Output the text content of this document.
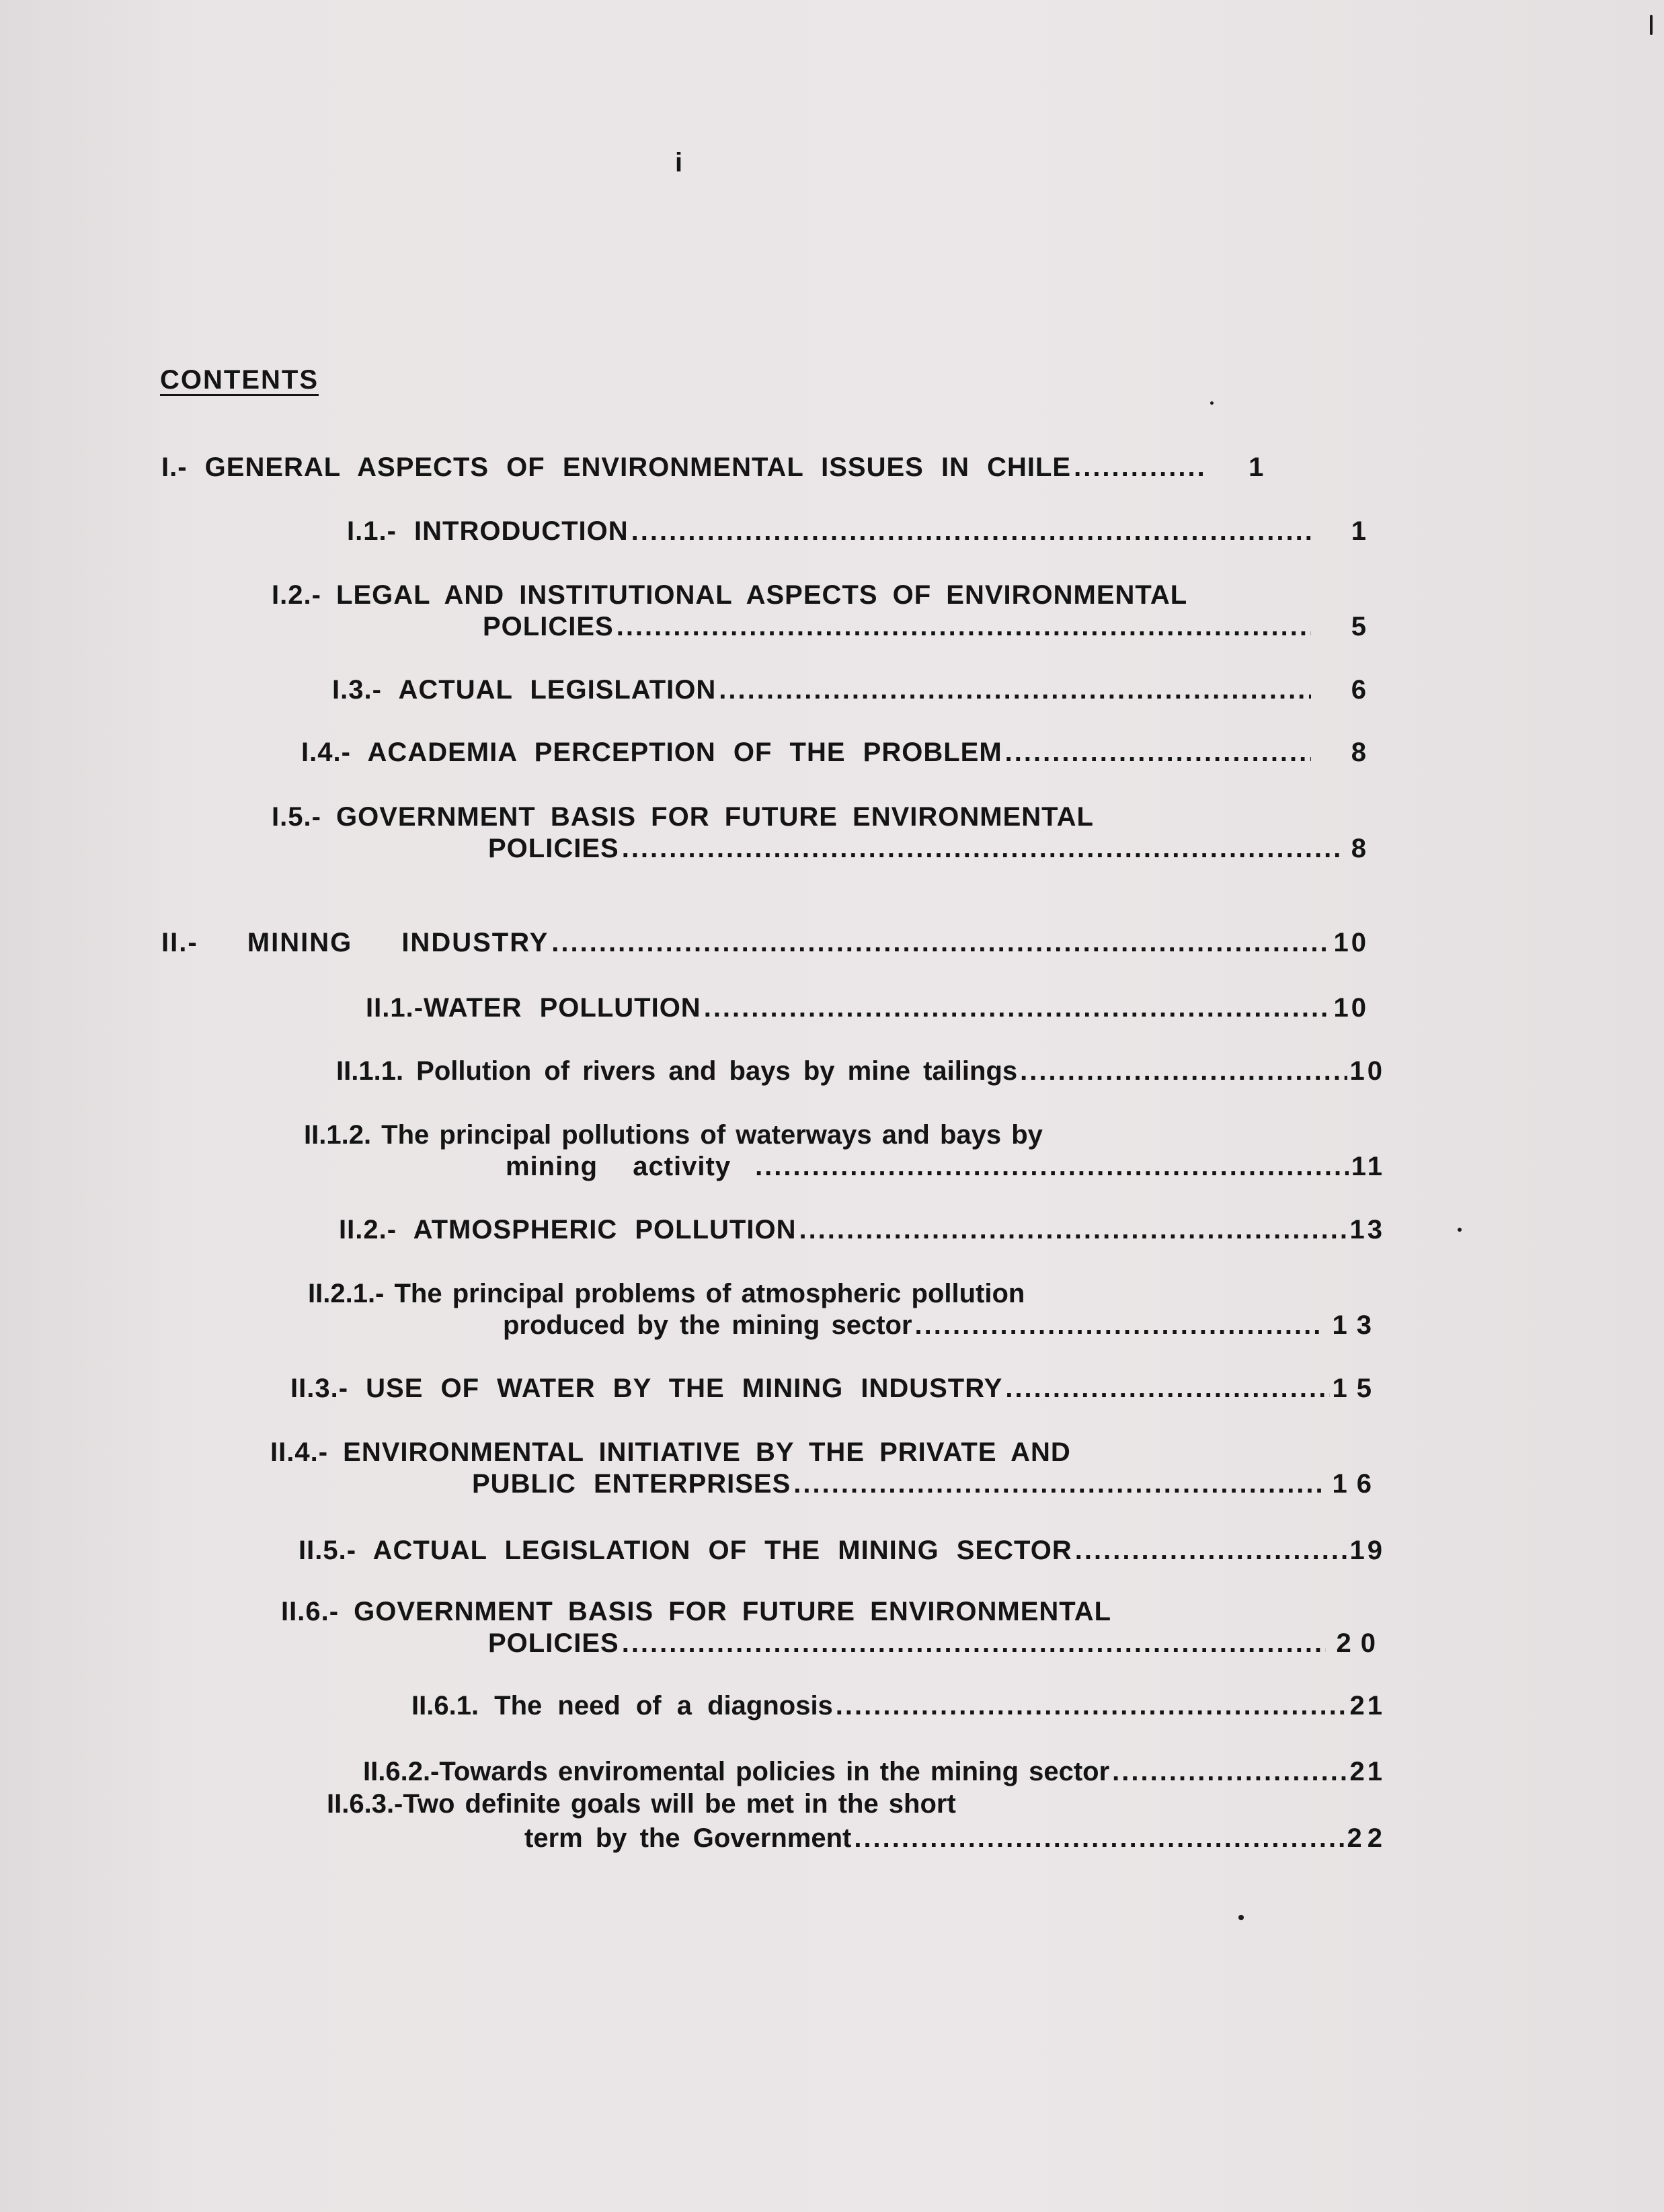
i
CONTENTS
I.- GENERAL ASPECTS OF ENVIRONMENTAL ISSUES IN CHILE .....	1
I.1.- INTRODUCTION .....	1
I.2.- LEGAL AND INSTITUTIONAL ASPECTS OF ENVIRONMENTAL
POLICIES .....	5
I.3.- ACTUAL LEGISLATION .....	6
I.4.- ACADEMIA PERCEPTION OF THE PROBLEM .....	8
I.5.- GOVERNMENT BASIS FOR FUTURE ENVIRONMENTAL
POLICIES .....	8
II.- MINING INDUSTRY .....	10
II.1.-WATER POLLUTION .....	10
II.1.1. Pollution of rivers and bays by mine tailings .....	10
II.1.2. The principal pollutions of waterways and bays by
mining activity .....	11
II.2.- ATMOSPHERIC POLLUTION .....	13
II.2.1.- The principal problems of atmospheric pollution
produced by the mining sector .....	13
II.3.- USE OF WATER BY THE MINING INDUSTRY .....	15
II.4.- ENVIRONMENTAL INITIATIVE BY THE PRIVATE AND
PUBLIC ENTERPRISES .....	16
II.5.- ACTUAL LEGISLATION OF THE MINING SECTOR .....	19
II.6.- GOVERNMENT BASIS FOR FUTURE ENVIRONMENTAL
POLICIES .....	20
II.6.1. The need of a diagnosis .....	21
II.6.2.-Towards enviromental policies in the mining sector .....	21
II.6.3.-Two definite goals will be met in the short
term by the Government .....	22
